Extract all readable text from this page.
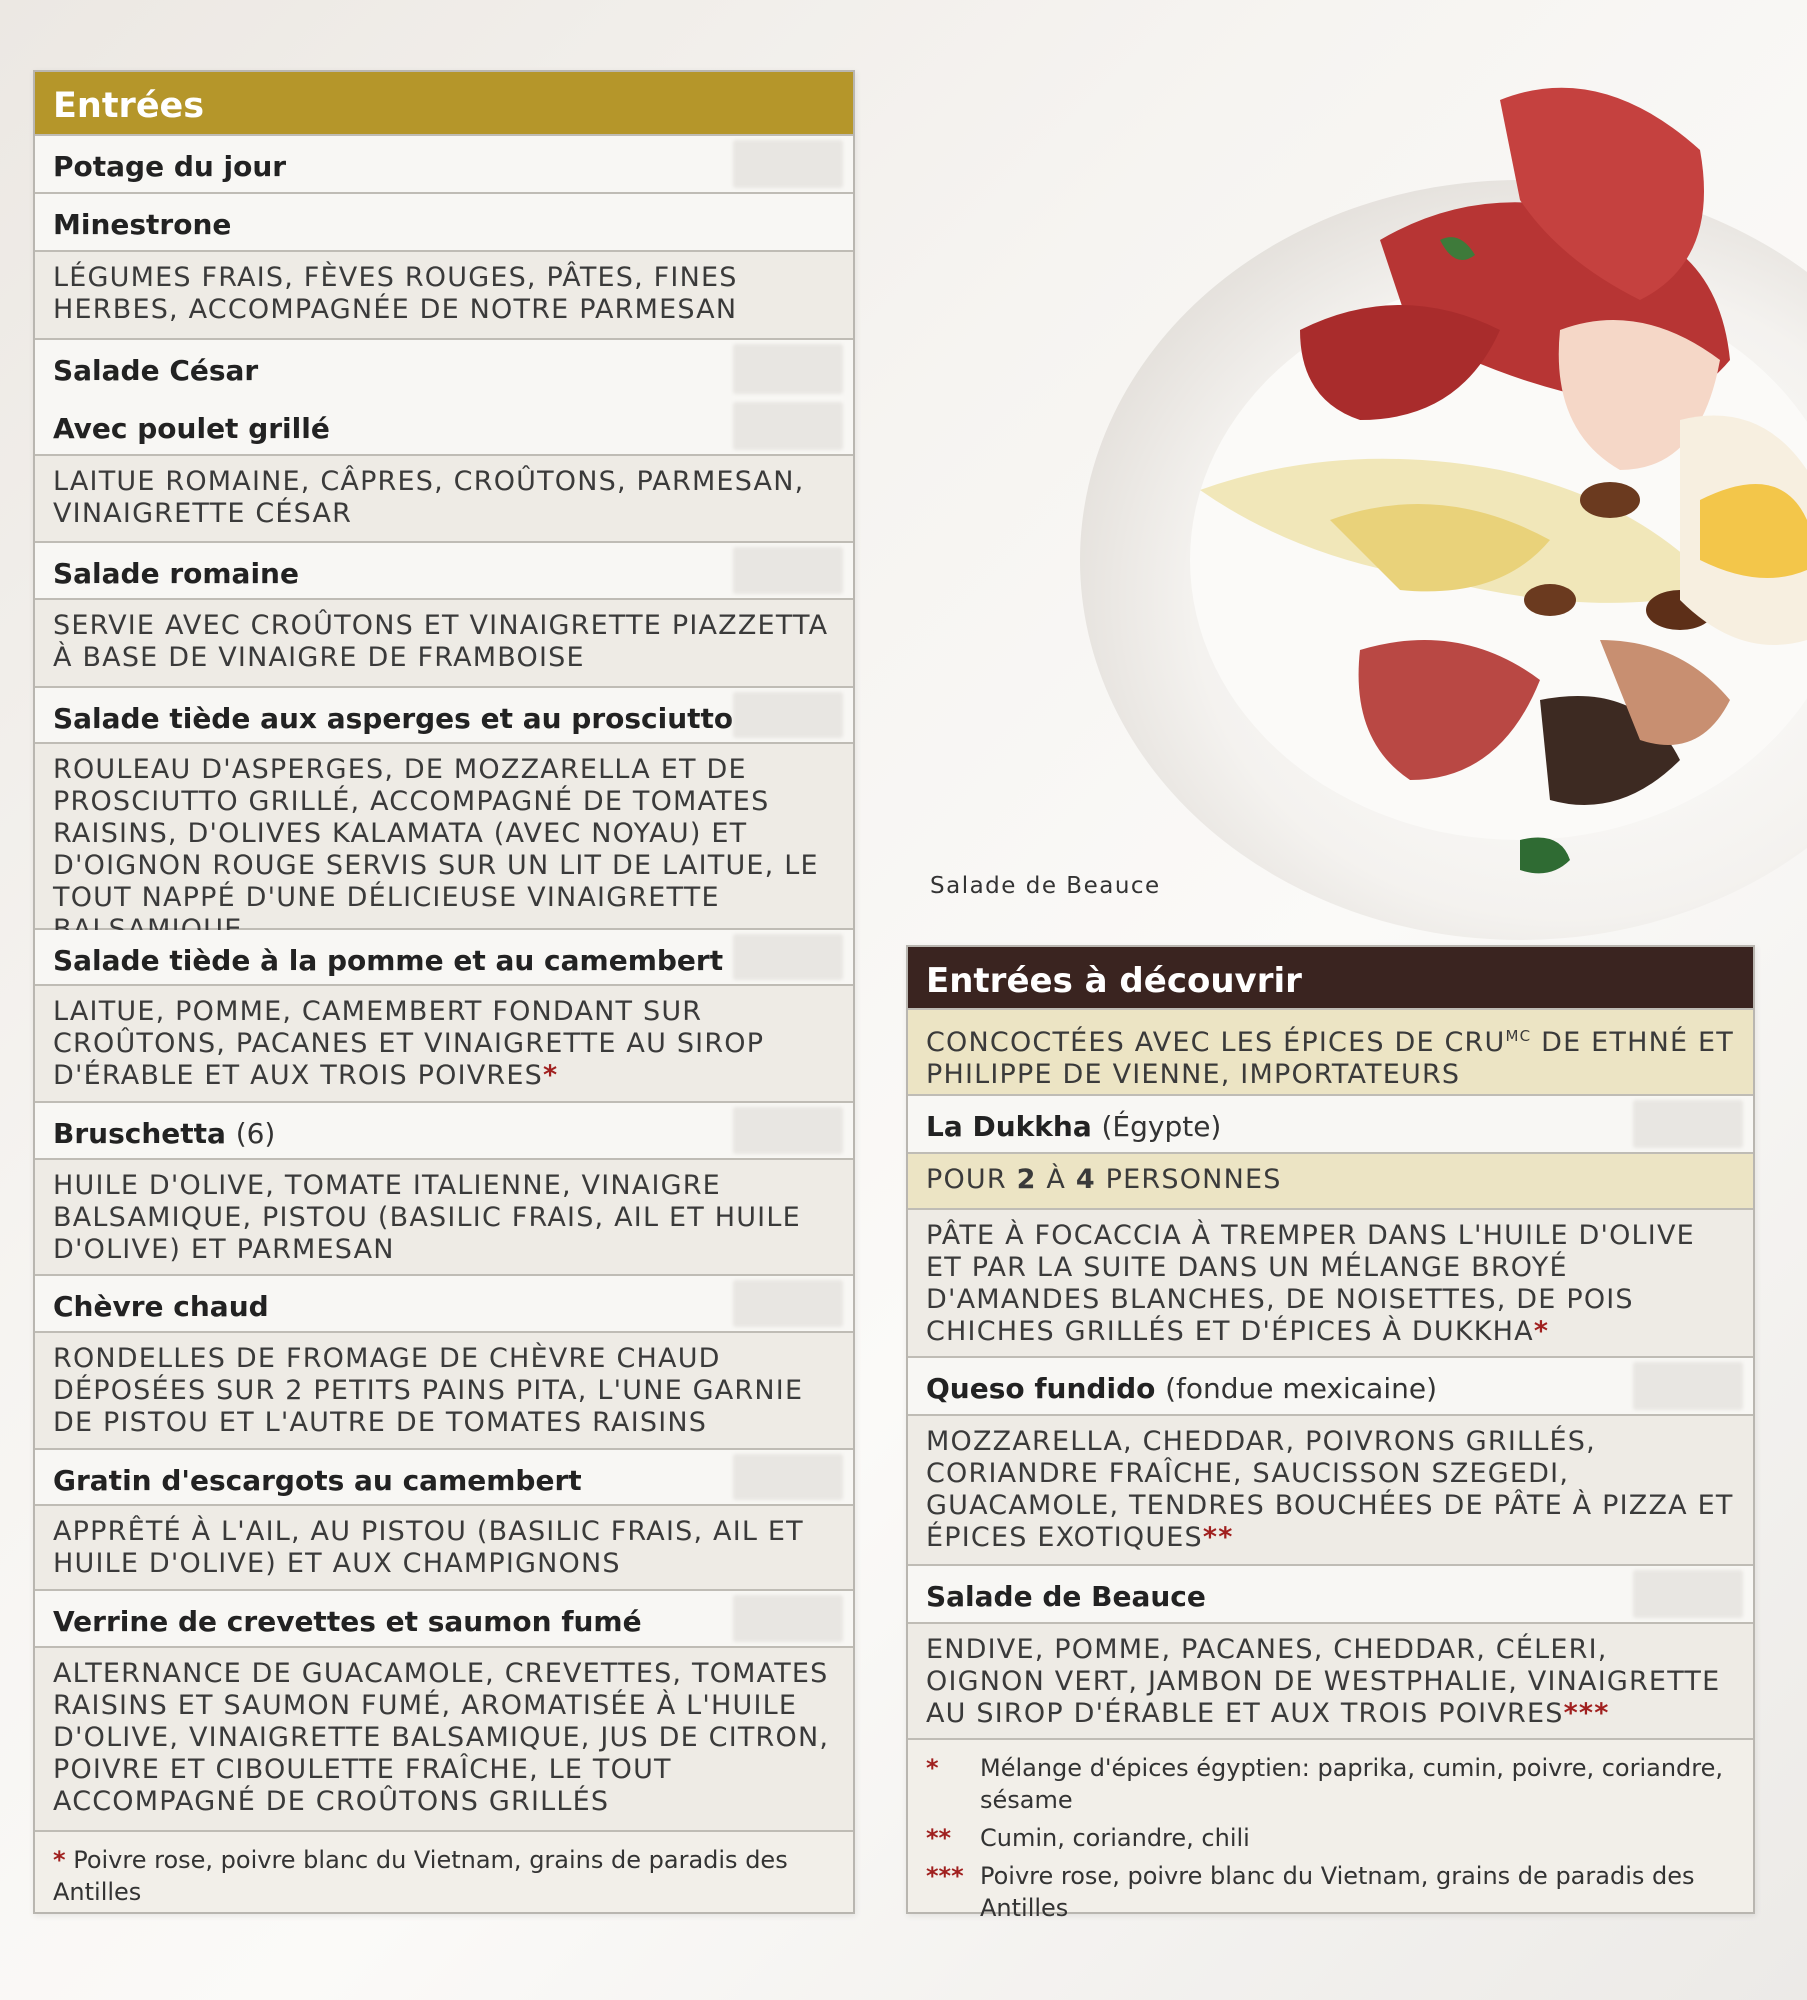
Salade de Beauce
Entrées
Potage du jour
Minestrone
LÉGUMES FRAIS, FÈVES ROUGES, PÂTES, FINES HERBES, ACCOMPAGNÉE DE NOTRE PARMESAN
Salade César
Avec poulet grillé
LAITUE ROMAINE, CÂPRES, CROÛTONS, PARMESAN, VINAIGRETTE CÉSAR
Salade romaine
SERVIE AVEC CROÛTONS ET VINAIGRETTE PIAZZETTA À BASE DE VINAIGRE DE FRAMBOISE
Salade tiède aux asperges et au prosciutto
ROULEAU D'ASPERGES, DE MOZZARELLA ET DE PROSCIUTTO GRILLÉ, ACCOMPAGNÉ DE TOMATES RAISINS, D'OLIVES KALAMATA (AVEC NOYAU) ET D'OIGNON ROUGE SERVIS SUR UN LIT DE LAITUE, LE TOUT NAPPÉ D'UNE DÉLICIEUSE VINAIGRETTE
Salade tiède à la pomme et au camembert
LAITUE, POMME, CAMEMBERT FONDANT SUR CROÛTONS, PACANES ET VINAIGRETTE AU SIROP D'ÉRABLE ET AUX TROIS POIVRES*
Bruschetta (6)
HUILE D'OLIVE, TOMATE ITALIENNE, VINAIGRE BALSAMIQUE, PISTOU (BASILIC FRAIS, AIL ET HUILE D'OLIVE) ET PARMESAN
Chèvre chaud
RONDELLES DE FROMAGE DE CHÈVRE CHAUD DÉPOSÉES SUR 2 PETITS PAINS PITA, L'UNE GARNIE DE PISTOU ET L'AUTRE DE TOMATES RAISINS
Gratin d'escargots au camembert
APPRÊTÉ À L'AIL, AU PISTOU (BASILIC FRAIS, AIL ET HUILE D'OLIVE) ET AUX CHAMPIGNONS
Verrine de crevettes et saumon fumé
ALTERNANCE DE GUACAMOLE, CREVETTES, TOMATES RAISINS ET SAUMON FUMÉ, AROMATISÉE À L'HUILE D'OLIVE, VINAIGRETTE BALSAMIQUE, JUS DE CITRON, POIVRE ET CIBOULETTE FRAÎCHE, LE TOUT ACCOMPAGNÉ DE CROÛTONS GRILLÉS
* Poivre rose, poivre blanc du Vietnam, grains de paradis des Antilles
Entrées à découvrir
CONCOCTÉES AVEC LES ÉPICES DE $CRU^{MC}$ DE ETHNÉ ET PHILIPPE DE VIENNE, IMPORTATEURS
La Dukkha (Égypte)
POUR 2 À 4 PERSONNES
PÂTE À FOCACCIA À TREMPER DANS L'HUILE D'OLIVE ET PAR LA SUITE DANS UN MÉLANGE BROYÉ D'AMANDES BLANCHES, DE NOISETTES, DE POIS CHICHES GRILLÉS ET D'ÉPICES À DUKKHA*
Queso fundido (fondue mexicaine)
MOZZARELLA, CHEDDAR, POIVRONS GRILLÉS, CORIANDRE FRAÎCHE, SAUCISSON SZEGEDI, GUACAMOLE, TENDRES BOUCHÉES DE PÂTE À PIZZA ET ÉPICES EXOTIQUES**
Salade de Beauce
ENDIVE, POMME, PACANES, CHEDDAR, CÉLERI, OIGNON VERT, JAMBON DE WESTPHALIE, VINAIGRETTE AU SIROP D'ÉRABLE ET AUX TROIS POIVRES***
*	Mélange d'épices égyptien: paprika, cumin, poivre, coriandre, sésame
**	Cumin, coriandre, chili
*** Poivre rose, poivre blanc du Vietnam, grains de paradis des Antilles
